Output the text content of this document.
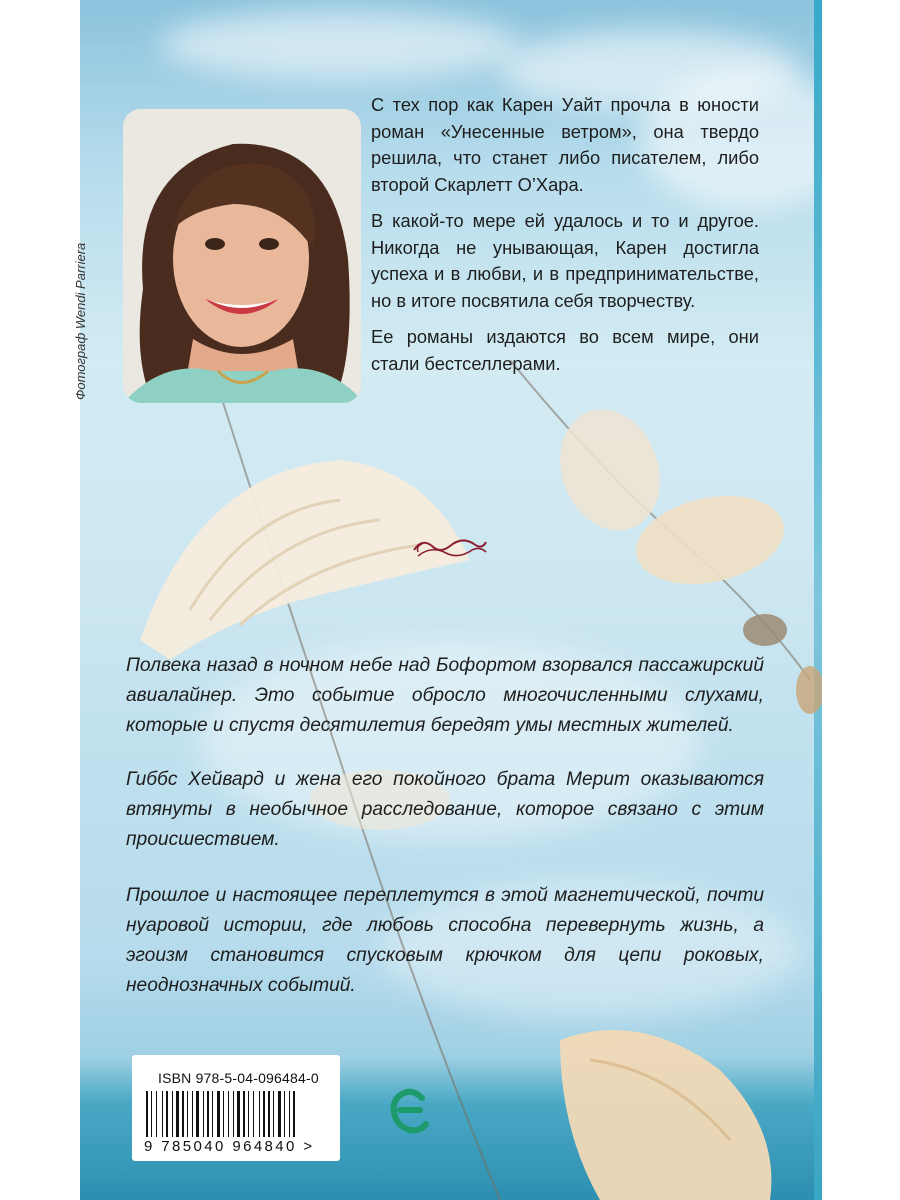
Фотограф Wendi Parriera

С тех пор как Карен Уайт прочла в юности роман «Унесенные ветром», она твердо решила, что станет либо писателем, либо второй Скарлетт О’Хара.

В какой-то мере ей удалось и то и другое. Никогда не унывающая, Карен достигла успеха и в любви, и в предпринимательстве, но в итоге посвятила себя творчеству.

Ее романы издаются во всем мире, они стали бестселлерами.

Полвека назад в ночном небе над Бофортом взорвался пассажирский авиалайнер. Это событие обросло многочисленными слухами, которые и спустя десятилетия бередят умы местных жителей.

Гиббс Хейвард и жена его покойного брата Мерит оказываются втянуты в необычное расследование, которое связано с этим происшествием.

Прошлое и настоящее переплетутся в этой магнетической, почти нуаровой истории, где любовь способна перевернуть жизнь, а эгоизм становится спусковым крючком для цепи роковых, неоднозначных событий.

ISBN 978-5-04-096484-0
9 785040 964840 >
